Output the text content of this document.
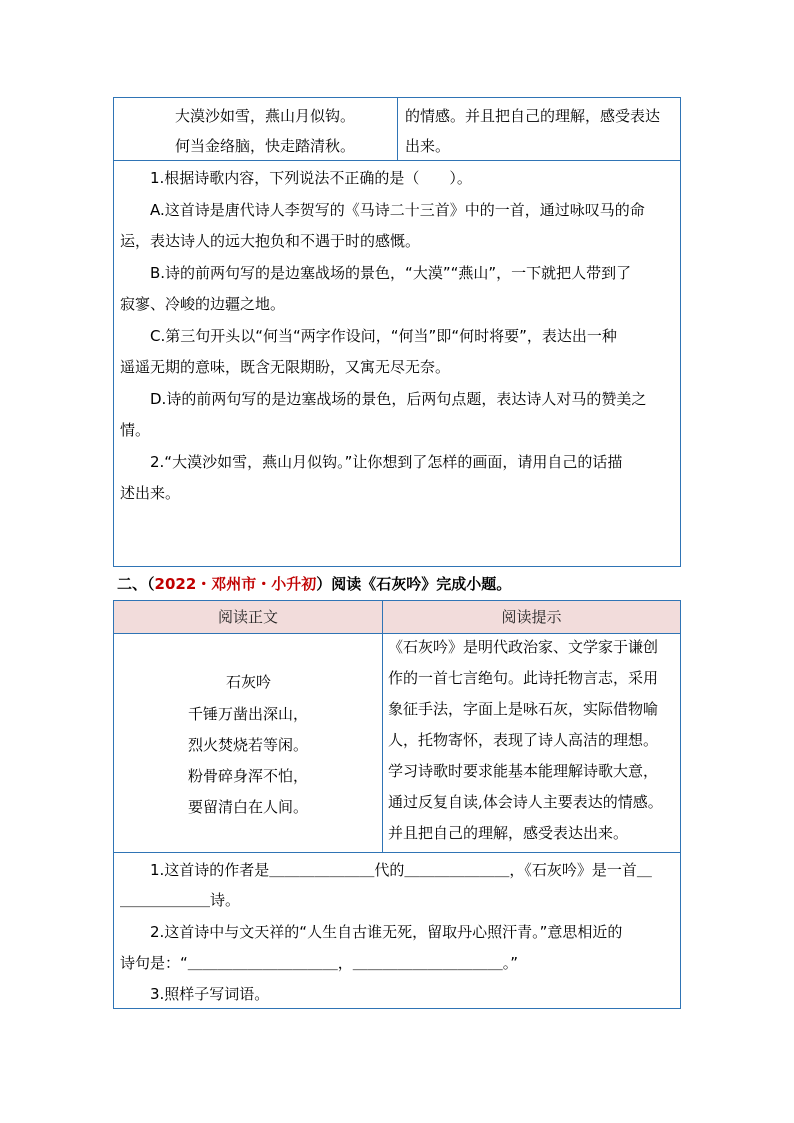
大漠沙如雪，燕山月似钩。
何当金络脑，快走踏清秋。
的情感。并且把自己的理解，感受表达
出来。
1.根据诗歌内容，下列说法不正确的是（　　）。
A.这首诗是唐代诗人李贺写的《马诗二十三首》中的一首，通过咏叹马的命
运，表达诗人的远大抱负和不遇于时的感慨。
B.诗的前两句写的是边塞战场的景色，“大漠”“燕山”，一下就把人带到了
寂寥、冷峻的边疆之地。
C.第三句开头以“何当“两字作设问，“何当”即“何时将要”，表达出一种
遥遥无期的意味，既含无限期盼，又寓无尽无奈。
D.诗的前两句写的是边塞战场的景色，后两句点题，表达诗人对马的赞美之
情。
2.“大漠沙如雪，燕山月似钩。”让你想到了怎样的画面，请用自己的话描
述出来。
二、（2022・邓州市・小升初）阅读《石灰吟》完成小题。
阅读正文	阅读提示
石灰吟
千锤万凿出深山，
烈火焚烧若等闲。
粉骨碎身浑不怕，
要留清白在人间。
《石灰吟》是明代政治家、文学家于谦创
作的一首七言绝句。此诗托物言志，采用
象征手法，字面上是咏石灰，实际借物喻
人，托物寄怀，表现了诗人高洁的理想。
学习诗歌时要求能基本能理解诗歌大意，
通过反复自读,体会诗人主要表达的情感。
并且把自己的理解，感受表达出来。
1.这首诗的作者是＿＿＿＿＿＿＿代的＿＿＿＿＿＿＿，《石灰吟》是一首＿
＿＿＿＿＿＿诗。
2.这首诗中与文天祥的“人生自古谁无死，留取丹心照汗青。”意思相近的
诗句是：“＿＿＿＿＿＿＿＿＿＿，＿＿＿＿＿＿＿＿＿＿。”
3.照样子写词语。
